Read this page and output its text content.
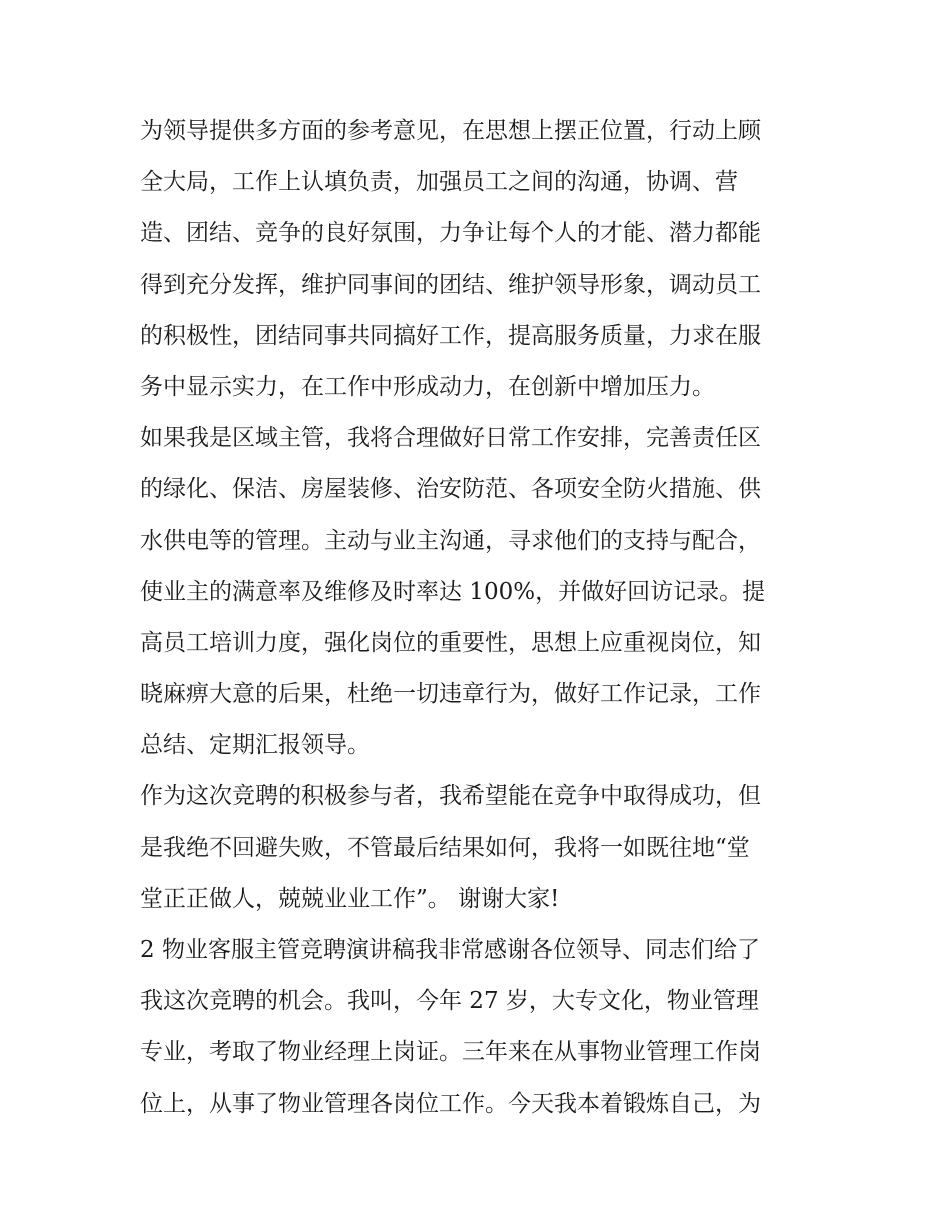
为领导提供多方面的参考意见，在思想上摆正位置，行动上顾
全大局，工作上认填负责，加强员工之间的沟通，协调、营
造、团结、竞争的良好氛围，力争让每个人的才能、潜力都能
得到充分发挥，维护同事间的团结、维护领导形象，调动员工
的积极性，团结同事共同搞好工作，提高服务质量，力求在服
务中显示实力，在工作中形成动力，在创新中增加压力。
如果我是区域主管，我将合理做好日常工作安排，完善责任区
的绿化、保洁、房屋装修、治安防范、各项安全防火措施、供
水供电等的管理。主动与业主沟通，寻求他们的支持与配合，
使业主的满意率及维修及时率达 100%，并做好回访记录。提
高员工培训力度，强化岗位的重要性，思想上应重视岗位，知
晓麻痹大意的后果，杜绝一切违章行为，做好工作记录，工作
总结、定期汇报领导。
作为这次竞聘的积极参与者，我希望能在竞争中取得成功，但
是我绝不回避失败，不管最后结果如何，我将一如既往地“堂
堂正正做人，兢兢业业工作”。 谢谢大家!
2 物业客服主管竞聘演讲稿我非常感谢各位领导、同志们给了
我这次竞聘的机会。我叫，今年 27 岁，大专文化，物业管理
专业，考取了物业经理上岗证。三年来在从事物业管理工作岗
位上，从事了物业管理各岗位工作。今天我本着锻炼自己，为
